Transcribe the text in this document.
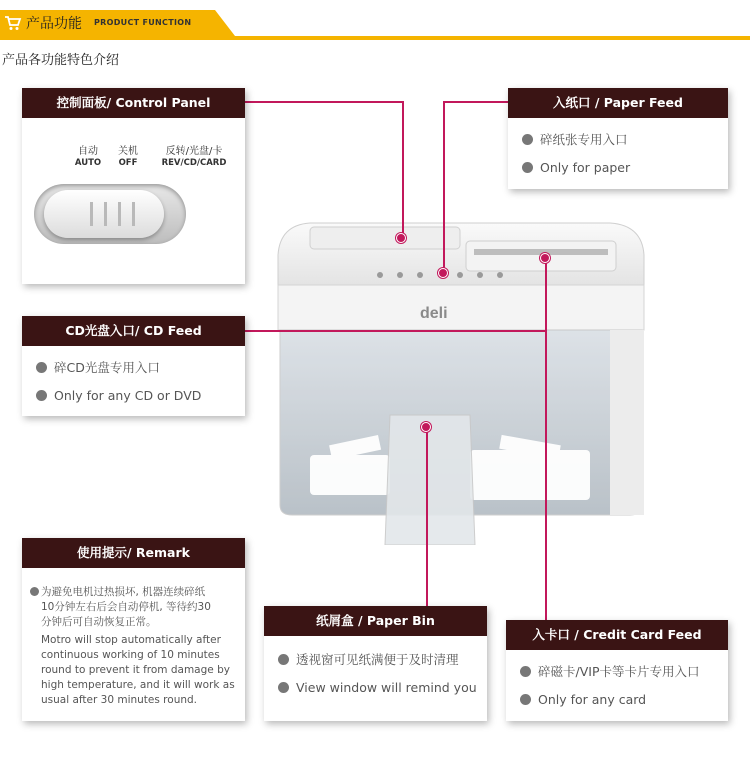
产品功能 PRODUCT FUNCTION
产品各功能特色介绍
deli
控制面板/ Control Panel
自动
AUTO
关机
OFF
反转/光盘/卡
REV/CD/CARD
入纸口 / Paper Feed
碎纸张专用入口
Only for paper
CD光盘入口/ CD Feed
碎CD光盘专用入口
Only for any CD or DVD
使用提示/ Remark
为避免电机过热损坏, 机器连续碎纸
10分钟左右后会自动停机, 等待约30
分钟后可自动恢复正常。
Motro will stop automatically after
continuous working of 10 minutes
round to prevent it from damage by
high temperature, and it will work as
usual after 30 minutes round.
纸屑盒 / Paper Bin
透视窗可见纸满便于及时清理
View window will remind you
入卡口 / Credit Card Feed
碎磁卡/VIP卡等卡片专用入口
Only for any card
